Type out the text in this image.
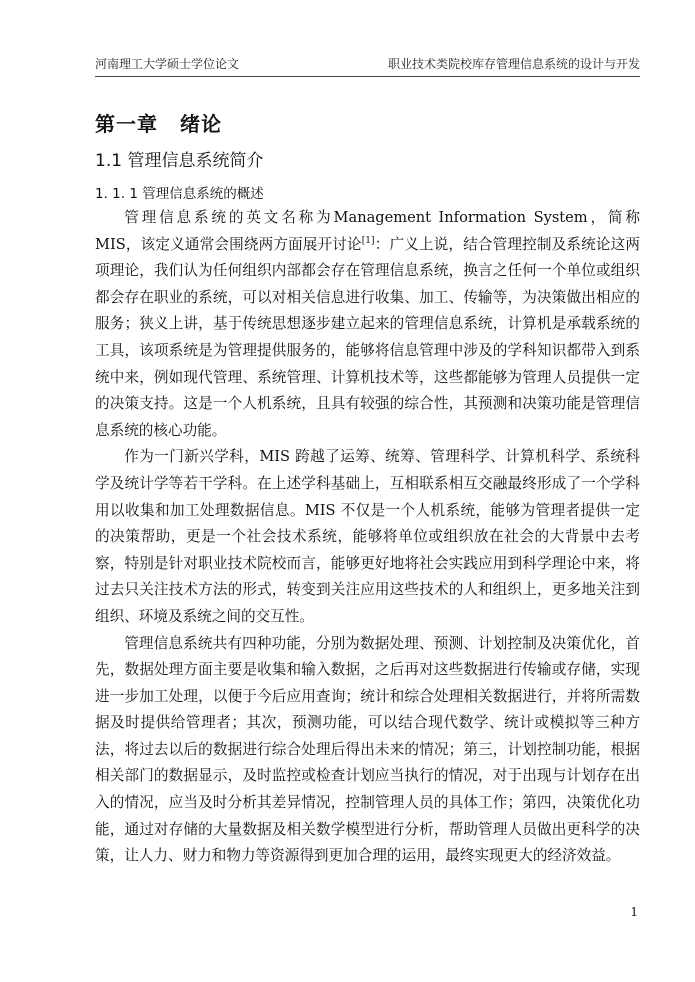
河南理工大学硕士学位论文	职业技术类院校库存管理信息系统的设计与开发
第一章 绪论
1.1 管理信息系统简介
1. 1. 1 管理信息系统的概述

管理信息系统的英文名称为Management Information System，简称 MIS，该定义通常会围绕两方面展开讨论[1]：广义上说，结合管理控制及系统论这两项理论，我们认为任何组织内部都会存在管理信息系统，换言之任何一个单位或组织都会存在职业的系统，可以对相关信息进行收集、加工、传输等，为决策做出相应的服务；狭义上讲，基于传统思想逐步建立起来的管理信息系统，计算机是承载系统的工具，该项系统是为管理提供服务的，能够将信息管理中涉及的学科知识都带入到系统中来，例如现代管理、系统管理、计算机技术等，这些都能够为管理人员提供一定的决策支持。这是一个人机系统，且具有较强的综合性，其预测和决策功能是管理信息系统的核心功能。

作为一门新兴学科，MIS 跨越了运筹、统筹、管理科学、计算机科学、系统科学及统计学等若干学科。在上述学科基础上，互相联系相互交融最终形成了一个学科用以收集和加工处理数据信息。MIS 不仅是一个人机系统，能够为管理者提供一定的决策帮助，更是一个社会技术系统，能够将单位或组织放在社会的大背景中去考察，特别是针对职业技术院校而言，能够更好地将社会实践应用到科学理论中来，将过去只关注技术方法的形式，转变到关注应用这些技术的人和组织上，更多地关注到组织、环境及系统之间的交互性。

管理信息系统共有四种功能，分别为数据处理、预测、计划控制及决策优化，首先，数据处理方面主要是收集和输入数据，之后再对这些数据进行传输或存储，实现进一步加工处理，以便于今后应用查询；统计和综合处理相关数据进行，并将所需数据及时提供给管理者；其次，预测功能，可以结合现代数学、统计或模拟等三种方法，将过去以后的数据进行综合处理后得出未来的情况；第三，计划控制功能，根据相关部门的数据显示，及时监控或检查计划应当执行的情况，对于出现与计划存在出入的情况，应当及时分析其差异情况，控制管理人员的具体工作；第四，决策优化功能，通过对存储的大量数据及相关数学模型进行分析，帮助管理人员做出更科学的决策，让人力、财力和物力等资源得到更加合理的运用，最终实现更大的经济效益。

1
